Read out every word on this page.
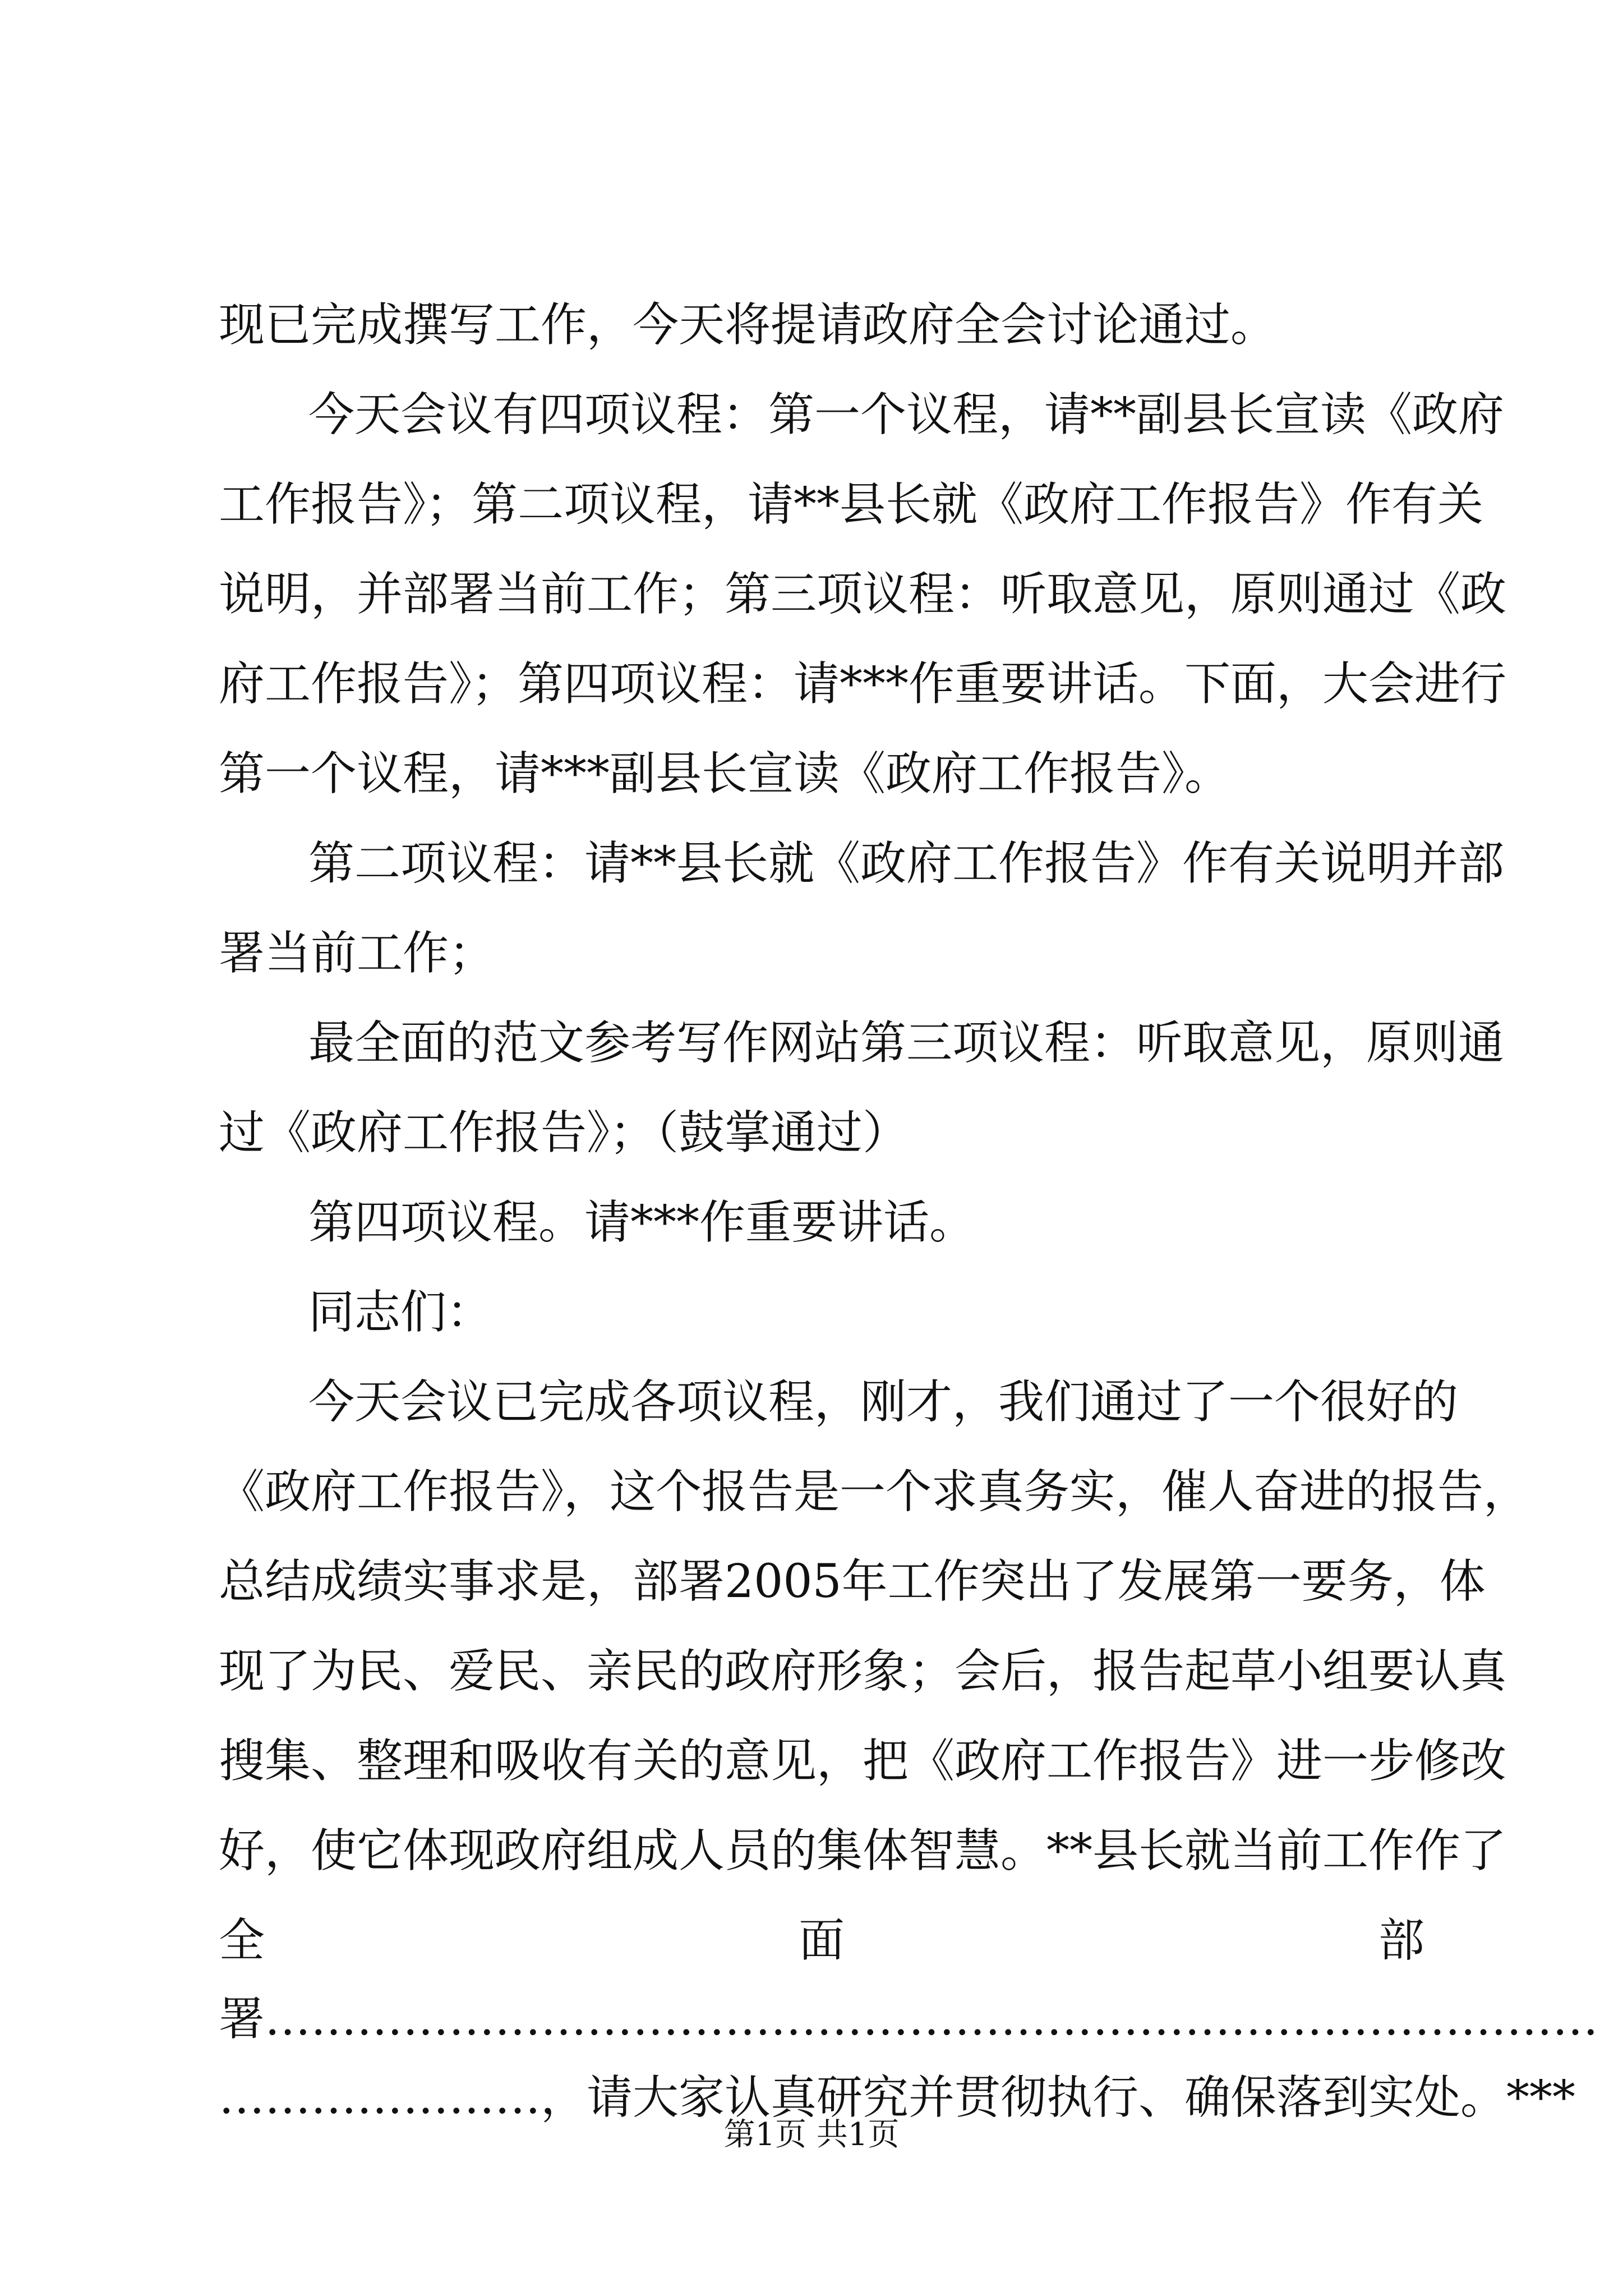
现已完成撰写工作，今天将提请政府全会讨论通过。
今天会议有四项议程：第一个议程，请**副县长宣读《政府
工作报告》；第二项议程，请**县长就《政府工作报告》作有关
说明，并部署当前工作；第三项议程：听取意见，原则通过《政
府工作报告》；第四项议程：请***作重要讲话。下面，大会进行
第一个议程，请***副县长宣读《政府工作报告》。
第二项议程：请**县长就《政府工作报告》作有关说明并部
署当前工作；
最全面的范文参考写作网站第三项议程：听取意见，原则通
过《政府工作报告》；（鼓掌通过）
第四项议程。请***作重要讲话。
同志们：
今天会议已完成各项议程，刚才，我们通过了一个很好的
《政府工作报告》，这个报告是一个求真务实，催人奋进的报告，
总结成绩实事求是，部署2005年工作突出了发展第一要务，体
现了为民、爱民、亲民的政府形象；会后，报告起草小组要认真
搜集、整理和吸收有关的意见，把《政府工作报告》进一步修改
好，使它体现政府组成人员的集体智慧。**县长就当前工作作了
全	面	部
署 ……………………………………………………………………………
………………… ，请大家认真研究并贯彻执行、确保落到实处。***
第1页 共1页
